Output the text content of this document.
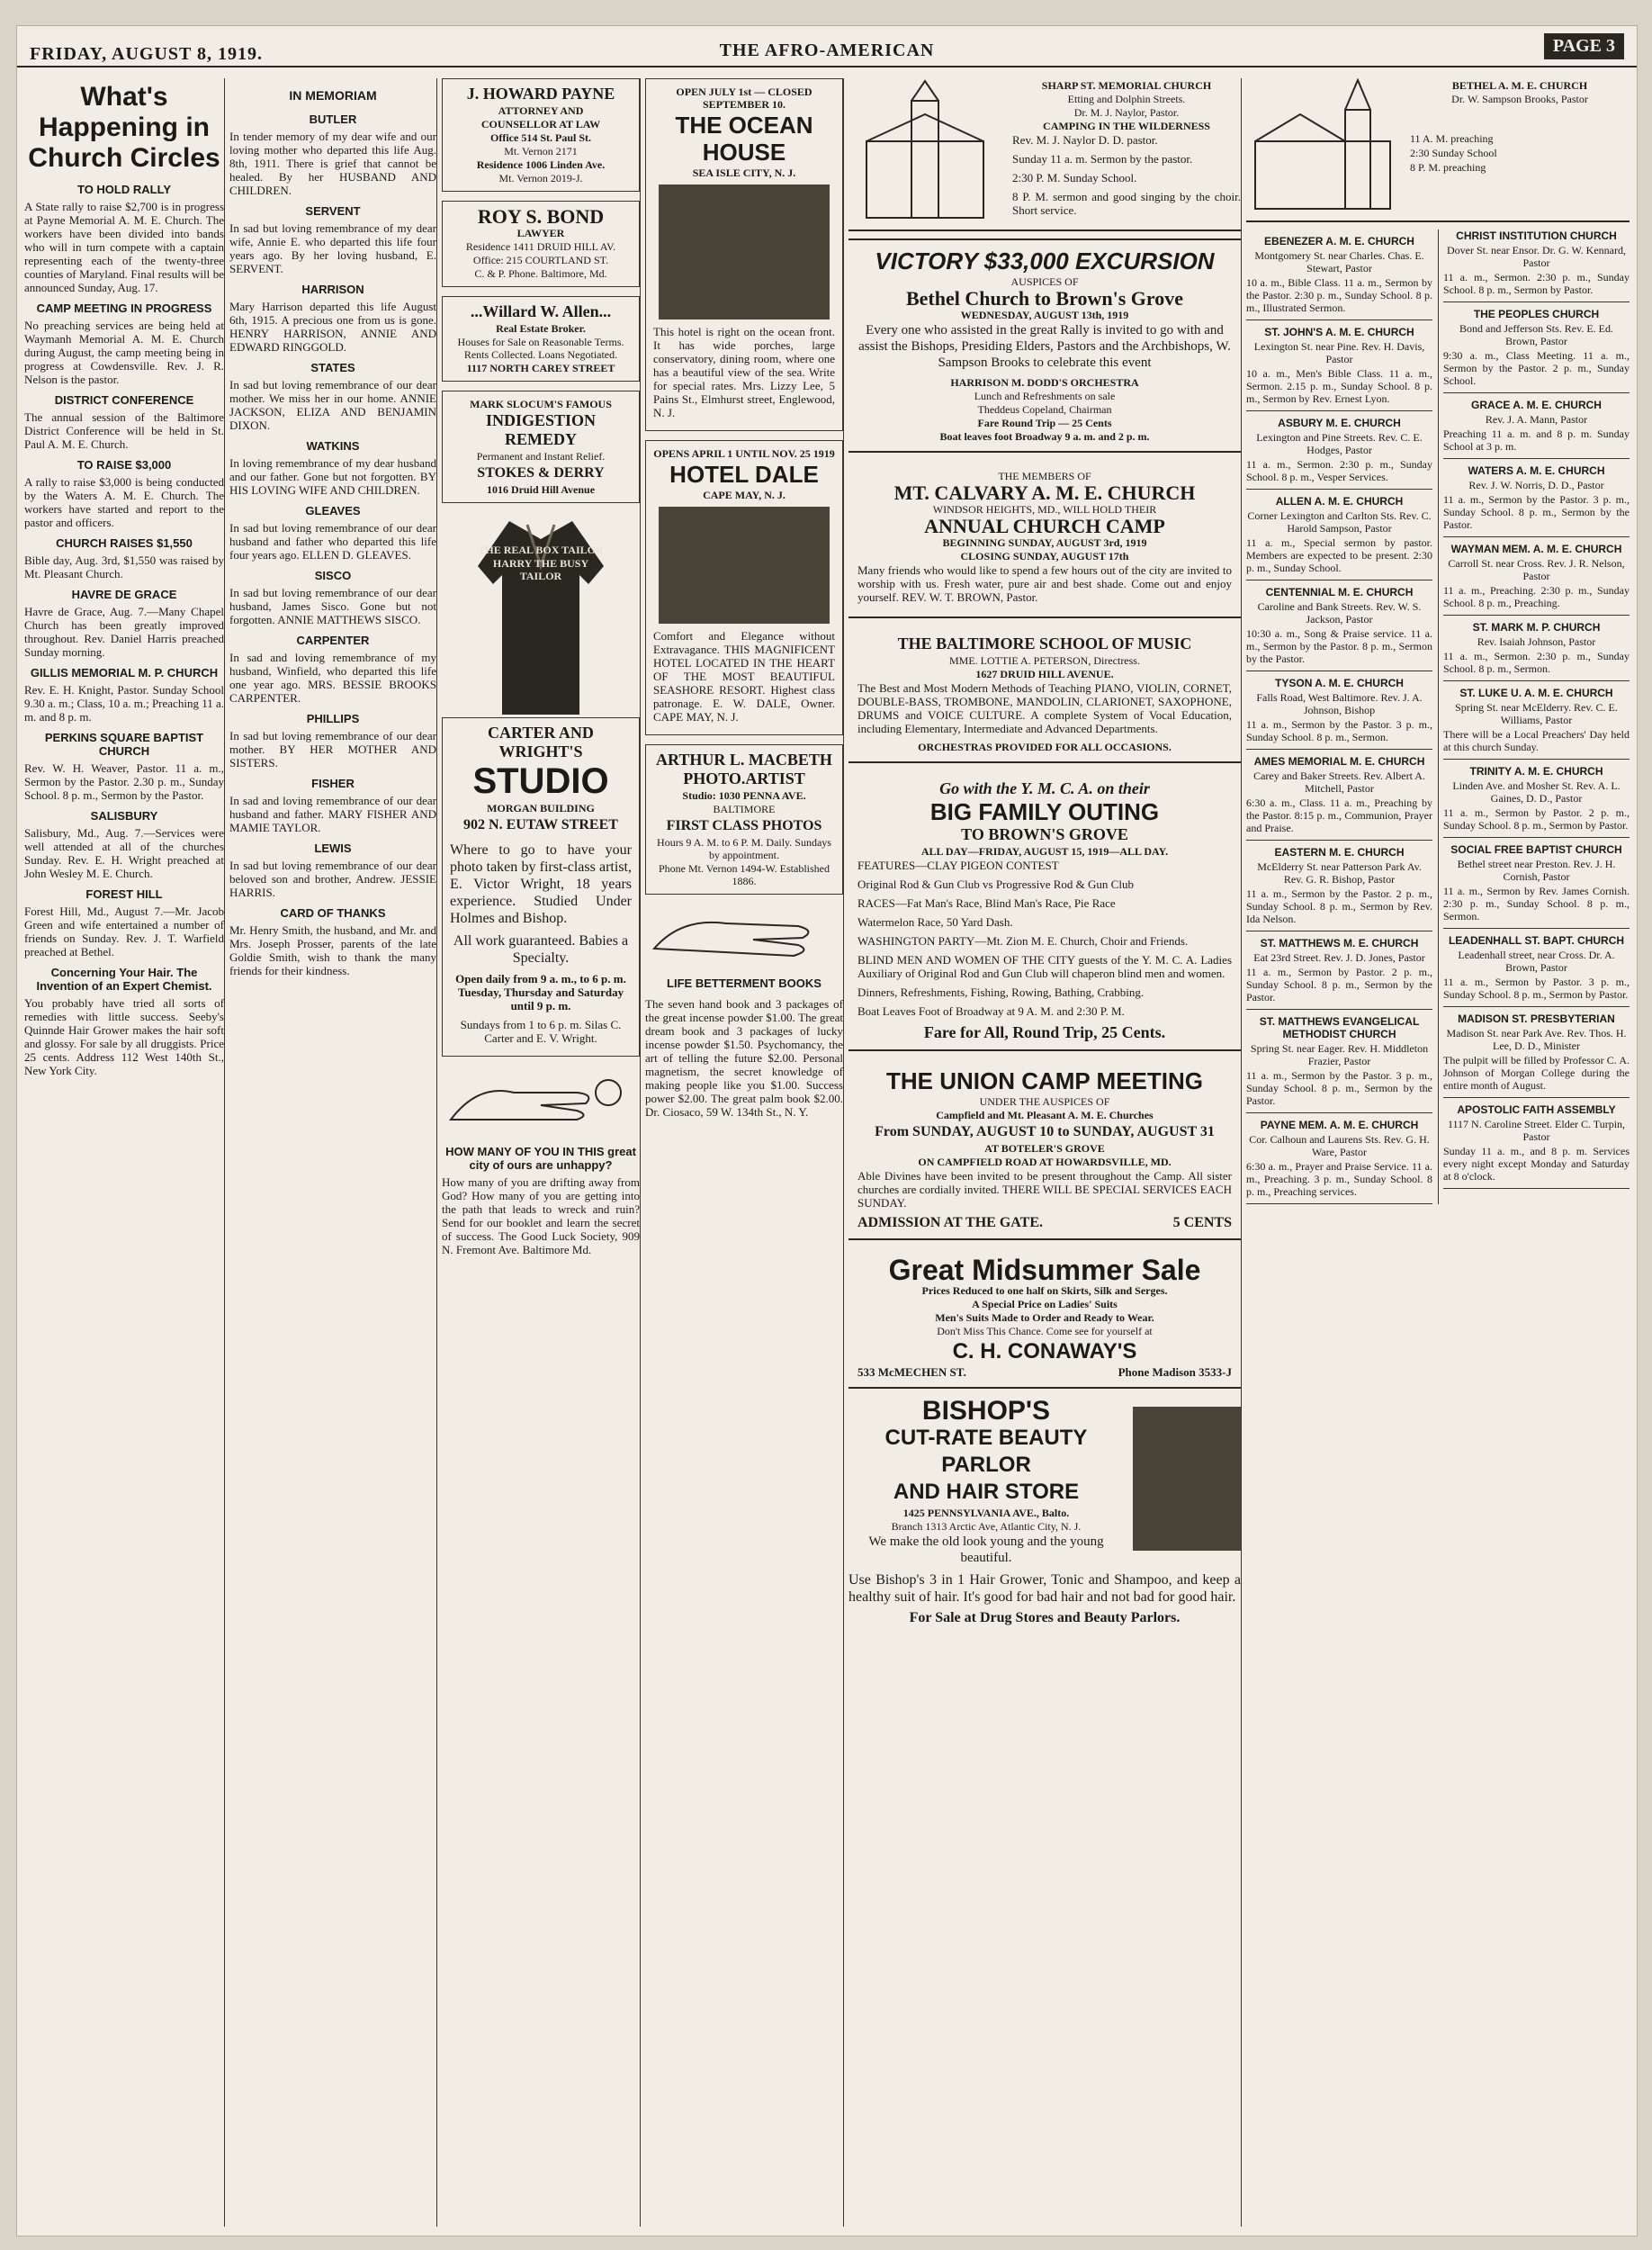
FRIDAY, AUGUST 8, 1919.	THE AFRO-AMERICAN	PAGE 3
What's Happening in Church Circles
TO HOLD RALLY

A State rally to raise $2,700 is in progress at Payne Memorial A. M. E. Church. The workers have been divided into bands who will in turn compete with a captain representing each of the twenty-three counties of Maryland. Final results will be announced Sunday, Aug. 17.

CAMP MEETING IN PROGRESS

No preaching services are being held at Waymanh Memorial A. M. E. Church during August, the camp meeting being in progress at Cowdensville. Rev. J. R. Nelson is the pastor.

DISTRICT CONFERENCE

The annual session of the Baltimore District Conference will be held in St. Paul A. M. E. Church.

TO RAISE $3,000

A rally to raise $3,000 is being conducted by the Waters A. M. E. Church. The workers have started and report to the pastor and officers.

CHURCH RAISES $1,550

Bible day, Aug. 3rd, $1,550 was raised by Mt. Pleasant Church.

HAVRE DE GRACE

Havre de Grace, Aug. 7.—Many Chapel Church has been greatly improved throughout. Rev. Daniel Harris preached Sunday morning.

GILLIS MEMORIAL M. P. CHURCH

Rev. E. H. Knight, Pastor. Sunday School 9.30 a. m.; Class, 10 a. m.; Preaching 11 a. m. and 8 p. m.

PERKINS SQUARE BAPTIST CHURCH

Rev. W. H. Weaver, Pastor. 11 a. m., Sermon by the Pastor. 2.30 p. m., Sunday School. 8 p. m., Sermon by the Pastor.

SALISBURY

Salisbury, Md., Aug. 7.—Services were well attended at all of the churches Sunday. Rev. E. H. Wright preached at John Wesley M. E. Church.

FOREST HILL

Forest Hill, Md., August 7.—Mr. Jacob Green and wife entertained a number of friends on Sunday. Rev. J. T. Warfield preached at Bethel.

Concerning Your Hair. The Invention of an Expert Chemist.

You probably have tried all sorts of remedies with little success. Seeby's Quinnde Hair Grower makes the hair soft and glossy. For sale by all druggists. Price 25 cents. Address 112 West 140th St., New York City.

IN MEMORIAM
BUTLER

In tender memory of my dear wife and our loving mother who departed this life Aug. 8th, 1911. There is grief that cannot be healed. By her HUSBAND AND CHILDREN.

SERVENT

In sad but loving remembrance of my dear wife, Annie E. who departed this life four years ago. By her loving husband, E. SERVENT.

HARRISON

Mary Harrison departed this life August 6th, 1915. A precious one from us is gone. HENRY HARRISON, ANNIE AND EDWARD RINGGOLD.

STATES

In sad but loving remembrance of our dear mother. We miss her in our home. ANNIE JACKSON, ELIZA AND BENJAMIN DIXON.

WATKINS

In loving remembrance of my dear husband and our father. Gone but not forgotten. BY HIS LOVING WIFE AND CHILDREN.

GLEAVES

In sad but loving remembrance of our dear husband and father who departed this life four years ago. ELLEN D. GLEAVES.

SISCO

In sad but loving remembrance of our dear husband, James Sisco. Gone but not forgotten. ANNIE MATTHEWS SISCO.

CARPENTER

In sad and loving remembrance of my husband, Winfield, who departed this life one year ago. MRS. BESSIE BROOKS CARPENTER.

PHILLIPS

In sad but loving remembrance of our dear mother. BY HER MOTHER AND SISTERS.

FISHER

In sad and loving remembrance of our dear husband and father. MARY FISHER AND MAMIE TAYLOR.

LEWIS

In sad but loving remembrance of our dear beloved son and brother, Andrew. JESSIE HARRIS.

CARD OF THANKS

Mr. Henry Smith, the husband, and Mr. and Mrs. Joseph Prosser, parents of the late Goldie Smith, wish to thank the many friends for their kindness.

J. HOWARD PAYNE
ATTORNEY AND
COUNSELLOR AT LAW
Office 514 St. Paul St.
Mt. Vernon 2171
Residence 1006 Linden Ave.
Mt. Vernon 2019-J.
ROY S. BOND
LAWYER
Residence 1411 DRUID HILL AV.
Office: 215 COURTLAND ST.
C. & P. Phone. Baltimore, Md.
...Willard W. Allen...
Real Estate Broker.
Houses for Sale on Reasonable Terms. Rents Collected. Loans Negotiated.
1117 NORTH CAREY STREET
MARK SLOCUM'S FAMOUS
INDIGESTION REMEDY
Permanent and Instant Relief.
STOKES & DERRY
1016 Druid Hill Avenue
THE REAL BOX TAILOR
HARRY THE BUSY TAILOR
CARTER AND WRIGHT'S
STUDIO
MORGAN BUILDING
902 N. EUTAW STREET

Where to go to have your photo taken by first-class artist, E. Victor Wright, 18 years experience. Studied Under Holmes and Bishop.

All work guaranteed. Babies a Specialty.

Open daily from 9 a. m., to 6 p. m. Tuesday, Thursday and Saturday until 9 p. m.

Sundays from 1 to 6 p. m. Silas C. Carter and E. V. Wright.

HOW MANY OF YOU IN THIS great city of ours are unhappy?

How many of you are drifting away from God? How many of you are getting into the path that leads to wreck and ruin? Send for our booklet and learn the secret of success. The Good Luck Society, 909 N. Fremont Ave. Baltimore Md.

OPEN JULY 1st — CLOSED SEPTEMBER 10.
THE OCEAN HOUSE
SEA ISLE CITY, N. J.

This hotel is right on the ocean front. It has wide porches, large conservatory, dining room, where one has a beautiful view of the sea. Write for special rates. Mrs. Lizzy Lee, 5 Pains St., Elmhurst street, Englewood, N. J.

OPENS APRIL 1 UNTIL NOV. 25 1919
HOTEL DALE
CAPE MAY, N. J.

Comfort and Elegance without Extravagance. THIS MAGNIFICENT HOTEL LOCATED IN THE HEART OF THE MOST BEAUTIFUL SEASHORE RESORT. Highest class patronage. E. W. DALE, Owner. CAPE MAY, N. J.

ARTHUR L. MACBETH
PHOTO.ARTIST
Studio: 1030 PENNA AVE.
BALTIMORE
FIRST CLASS PHOTOS
Hours 9 A. M. to 6 P. M. Daily. Sundays by appointment.
Phone Mt. Vernon 1494-W. Established 1886.
LIFE BETTERMENT BOOKS

The seven hand book and 3 packages of the great incense powder $1.00. The great dream book and 3 packages of lucky incense powder $1.50. Psychomancy, the art of telling the future $2.00. Personal magnetism, the secret knowledge of making people like you $1.00. Success power $2.00. The great palm book $2.00. Dr. Ciosaco, 59 W. 134th St., N. Y.

SHARP ST. MEMORIAL CHURCH
Etting and Dolphin Streets.
Dr. M. J. Naylor, Pastor.
CAMPING IN THE WILDERNESS

Rev. M. J. Naylor D. D. pastor.

Sunday 11 a. m. Sermon by the pastor.

2:30 P. M. Sunday School.

8 P. M. sermon and good singing by the choir. Short service.

VICTORY $33,000 EXCURSION
AUSPICES OF
Bethel Church to Brown's Grove
WEDNESDAY, AUGUST 13th, 1919

Every one who assisted in the great Rally is invited to go with and assist the Bishops, Presiding Elders, Pastors and the Archbishops, W. Sampson Brooks to celebrate this event

HARRISON M. DODD'S ORCHESTRA
Lunch and Refreshments on sale
Theddeus Copeland, Chairman
Fare Round Trip — 25 Cents
Boat leaves foot Broadway 9 a. m. and 2 p. m.
THE MEMBERS OF
MT. CALVARY A. M. E. CHURCH
WINDSOR HEIGHTS, MD., WILL HOLD THEIR
ANNUAL CHURCH CAMP
BEGINNING SUNDAY, AUGUST 3rd, 1919
CLOSING SUNDAY, AUGUST 17th

Many friends who would like to spend a few hours out of the city are invited to worship with us. Fresh water, pure air and best shade. Come out and enjoy yourself. REV. W. T. BROWN, Pastor.

THE BALTIMORE SCHOOL OF MUSIC
MME. LOTTIE A. PETERSON, Directress.
1627 DRUID HILL AVENUE.

The Best and Most Modern Methods of Teaching PIANO, VIOLIN, CORNET, DOUBLE-BASS, TROMBONE, MANDOLIN, CLARIONET, SAXOPHONE, DRUMS and VOICE CULTURE. A complete System of Vocal Education, including Elementary, Intermediate and Advanced Departments.

ORCHESTRAS PROVIDED FOR ALL OCCASIONS.
Go with the Y. M. C. A. on their
BIG FAMILY OUTING
TO BROWN'S GROVE
ALL DAY—FRIDAY, AUGUST 15, 1919—ALL DAY.

FEATURES—CLAY PIGEON CONTEST

Original Rod & Gun Club vs Progressive Rod & Gun Club

RACES—Fat Man's Race, Blind Man's Race, Pie Race

Watermelon Race, 50 Yard Dash.

WASHINGTON PARTY—Mt. Zion M. E. Church, Choir and Friends.

BLIND MEN AND WOMEN OF THE CITY guests of the Y. M. C. A. Ladies Auxiliary of Original Rod and Gun Club will chaperon blind men and women.

Dinners, Refreshments, Fishing, Rowing, Bathing, Crabbing.

Boat Leaves Foot of Broadway at 9 A. M. and 2:30 P. M.

Fare for All, Round Trip, 25 Cents.
THE UNION CAMP MEETING
UNDER THE AUSPICES OF
Campfield and Mt. Pleasant A. M. E. Churches
From SUNDAY, AUGUST 10 to SUNDAY, AUGUST 31
AT BOTELER'S GROVE
ON CAMPFIELD ROAD AT HOWARDSVILLE, MD.

Able Divines have been invited to be present throughout the Camp. All sister churches are cordially invited. THERE WILL BE SPECIAL SERVICES EACH SUNDAY.

ADMISSION AT THE GATE.	5 CENTS
Great Midsummer Sale
Prices Reduced to one half on Skirts, Silk and Serges.
A Special Price on Ladies' Suits
Men's Suits Made to Order and Ready to Wear.
Don't Miss This Chance. Come see for yourself at
C. H. CONAWAY'S
533 McMECHEN ST.	Phone Madison 3533-J
BISHOP'S
CUT-RATE BEAUTY PARLOR
AND HAIR STORE
1425 PENNSYLVANIA AVE., Balto.
Branch 1313 Arctic Ave, Atlantic City, N. J.

We make the old look young and the young beautiful.

Use Bishop's 3 in 1 Hair Grower, Tonic and Shampoo, and keep a healthy suit of hair. It's good for bad hair and not bad for good hair.

For Sale at Drug Stores and Beauty Parlors.

BETHEL A. M. E. CHURCH
Dr. W. Sampson Brooks, Pastor

11 A. M. preaching

2:30 Sunday School

8 P. M. preaching

EBENEZER A. M. E. CHURCH

Montgomery St. near Charles. Chas. E. Stewart, Pastor

10 a. m., Bible Class. 11 a. m., Sermon by the Pastor. 2:30 p. m., Sunday School. 8 p. m., Illustrated Sermon.

ST. JOHN'S A. M. E. CHURCH

Lexington St. near Pine. Rev. H. Davis, Pastor

10 a. m., Men's Bible Class. 11 a. m., Sermon. 2.15 p. m., Sunday School. 8 p. m., Sermon by Rev. Ernest Lyon.

ASBURY M. E. CHURCH

Lexington and Pine Streets. Rev. C. E. Hodges, Pastor

11 a. m., Sermon. 2:30 p. m., Sunday School. 8 p. m., Vesper Services.

ALLEN A. M. E. CHURCH

Corner Lexington and Carlton Sts. Rev. C. Harold Sampson, Pastor

11 a. m., Special sermon by pastor. Members are expected to be present. 2:30 p. m., Sunday School.

CENTENNIAL M. E. CHURCH

Caroline and Bank Streets. Rev. W. S. Jackson, Pastor

10:30 a. m., Song & Praise service. 11 a. m., Sermon by the Pastor. 8 p. m., Sermon by the Pastor.

TYSON A. M. E. CHURCH

Falls Road, West Baltimore. Rev. J. A. Johnson, Bishop

11 a. m., Sermon by the Pastor. 3 p. m., Sunday School. 8 p. m., Sermon.

AMES MEMORIAL M. E. CHURCH

Carey and Baker Streets. Rev. Albert A. Mitchell, Pastor

6:30 a. m., Class. 11 a. m., Preaching by the Pastor. 8:15 p. m., Communion, Prayer and Praise.

EASTERN M. E. CHURCH

McElderry St. near Patterson Park Av. Rev. G. R. Bishop, Pastor

11 a. m., Sermon by the Pastor. 2 p. m., Sunday School. 8 p. m., Sermon by Rev. Ida Nelson.

ST. MATTHEWS M. E. CHURCH

Eat 23rd Street. Rev. J. D. Jones, Pastor

11 a. m., Sermon by Pastor. 2 p. m., Sunday School. 8 p. m., Sermon by the Pastor.

ST. MATTHEWS EVANGELICAL METHODIST CHURCH

Spring St. near Eager. Rev. H. Middleton Frazier, Pastor

11 a. m., Sermon by the Pastor. 3 p. m., Sunday School. 8 p. m., Sermon by the Pastor.

PAYNE MEM. A. M. E. CHURCH

Cor. Calhoun and Laurens Sts. Rev. G. H. Ware, Pastor

6:30 a. m., Prayer and Praise Service. 11 a. m., Preaching. 3 p. m., Sunday School. 8 p. m., Preaching services.

CHRIST INSTITUTION CHURCH

Dover St. near Ensor. Dr. G. W. Kennard, Pastor

11 a. m., Sermon. 2:30 p. m., Sunday School. 8 p. m., Sermon by Pastor.

THE PEOPLES CHURCH

Bond and Jefferson Sts. Rev. E. Ed. Brown, Pastor

9:30 a. m., Class Meeting. 11 a. m., Sermon by the Pastor. 2 p. m., Sunday School.

GRACE A. M. E. CHURCH

Rev. J. A. Mann, Pastor

Preaching 11 a. m. and 8 p. m. Sunday School at 3 p. m.

WATERS A. M. E. CHURCH

Rev. J. W. Norris, D. D., Pastor

11 a. m., Sermon by the Pastor. 3 p. m., Sunday School. 8 p. m., Sermon by the Pastor.

WAYMAN MEM. A. M. E. CHURCH

Carroll St. near Cross. Rev. J. R. Nelson, Pastor

11 a. m., Preaching. 2:30 p. m., Sunday School. 8 p. m., Preaching.

ST. MARK M. P. CHURCH

Rev. Isaiah Johnson, Pastor

11 a. m., Sermon. 2:30 p. m., Sunday School. 8 p. m., Sermon.

ST. LUKE U. A. M. E. CHURCH

Spring St. near McElderry. Rev. C. E. Williams, Pastor

There will be a Local Preachers' Day held at this church Sunday.

TRINITY A. M. E. CHURCH

Linden Ave. and Mosher St. Rev. A. L. Gaines, D. D., Pastor

11 a. m., Sermon by Pastor. 2 p. m., Sunday School. 8 p. m., Sermon by Pastor.

SOCIAL FREE BAPTIST CHURCH

Bethel street near Preston. Rev. J. H. Cornish, Pastor

11 a. m., Sermon by Rev. James Cornish. 2:30 p. m., Sunday School. 8 p. m., Sermon.

LEADENHALL ST. BAPT. CHURCH

Leadenhall street, near Cross. Dr. A. Brown, Pastor

11 a. m., Sermon by Pastor. 3 p. m., Sunday School. 8 p. m., Sermon by Pastor.

MADISON ST. PRESBYTERIAN

Madison St. near Park Ave. Rev. Thos. H. Lee, D. D., Minister

The pulpit will be filled by Professor C. A. Johnson of Morgan College during the entire month of August.

APOSTOLIC FAITH ASSEMBLY

1117 N. Caroline Street. Elder C. Turpin, Pastor

Sunday 11 a. m., and 8 p. m. Services every night except Monday and Saturday at 8 o'clock.
